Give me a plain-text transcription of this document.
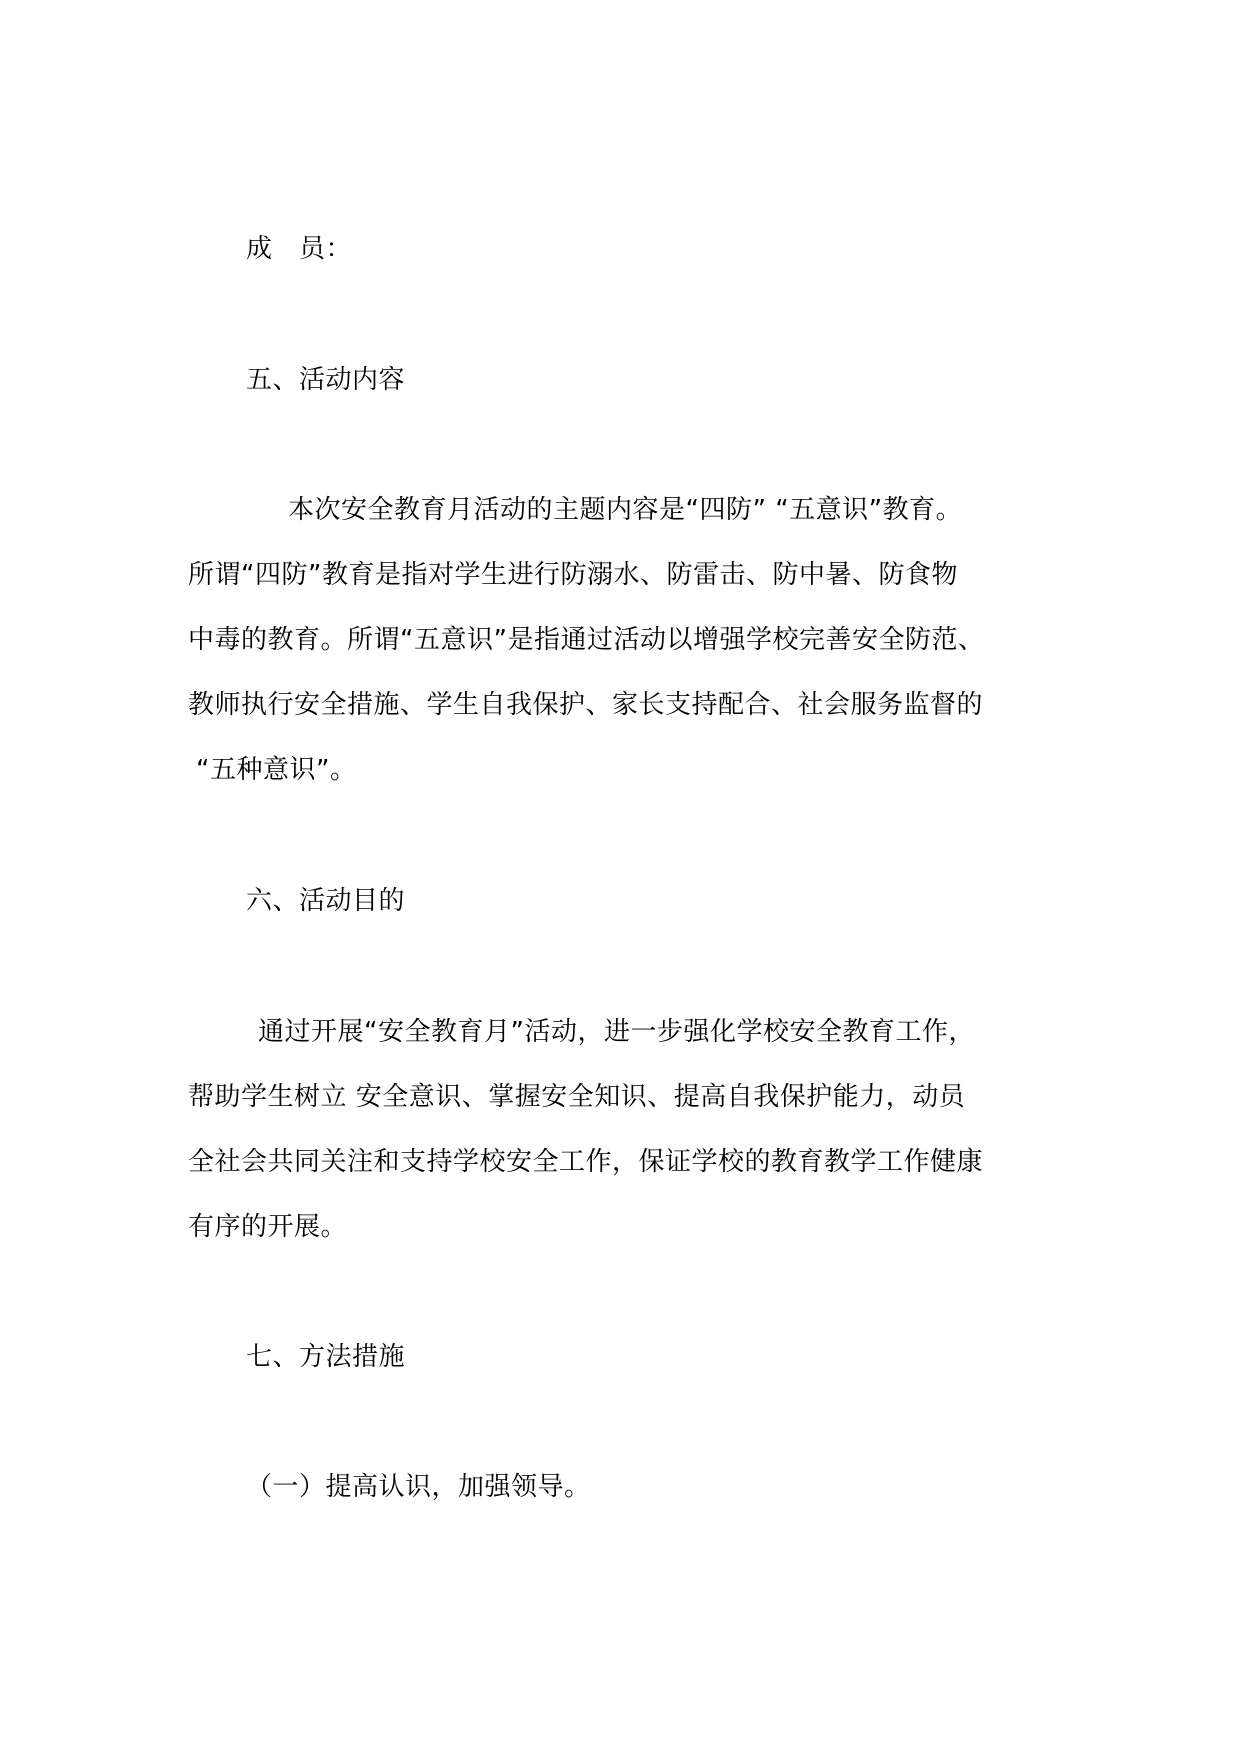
成　员：
五、活动内容
本次安全教育月活动的主题内容是“四防” “五意识”教育。
所谓“四防”教育是指对学生进行防溺水、防雷击、防中暑、防食物
中毒的教育。所谓“五意识”是指通过活动以增强学校完善安全防范、
教师执行安全措施、学生自我保护、家长支持配合、社会服务监督的
“五种意识”。
六、活动目的
通过开展“安全教育月”活动，进一步强化学校安全教育工作，
帮助学生树立 安全意识、掌握安全知识、提高自我保护能力，动员
全社会共同关注和支持学校安全工作，保证学校的教育教学工作健康
有序的开展。
七、方法措施
（一）提高认识，加强领导。
